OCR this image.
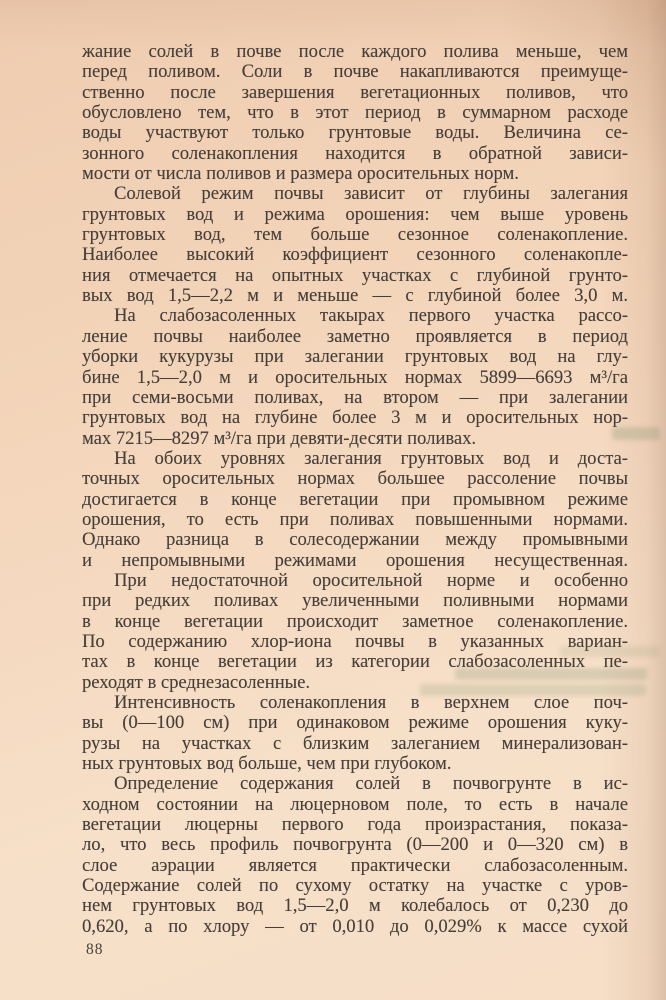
жание солей в почве после каждого полива меньше, чем
перед поливом. Соли в почве накапливаются преимуще-
ственно после завершения вегетационных поливов, что
обусловлено тем, что в этот период в суммарном расходе
воды участвуют только грунтовые воды. Величина се-
зонного соленакопления находится в обратной зависи-
мости от числа поливов и размера оросительных норм.
Солевой режим почвы зависит от глубины залегания
грунтовых вод и режима орошения: чем выше уровень
грунтовых вод, тем больше сезонное соленакопление.
Наиболее высокий коэффициент сезонного соленакопле-
ния отмечается на опытных участках с глубиной грунто-
вых вод 1,5—2,2 м и меньше — с глубиной более 3,0 м.
На слабозасоленных такырах первого участка рассо-
ление почвы наиболее заметно проявляется в период
уборки кукурузы при залегании грунтовых вод на глу-
бине 1,5—2,0 м и оросительных нормах 5899—6693 м³/га
при семи-восьми поливах, на втором — при залегании
грунтовых вод на глубине более 3 м и оросительных нор-
мах 7215—8297 м³/га при девяти-десяти поливах.
На обоих уровнях залегания грунтовых вод и доста-
точных оросительных нормах большее рассоление почвы
достигается в конце вегетации при промывном режиме
орошения, то есть при поливах повышенными нормами.
Однако разница в солесодержании между промывными
и непромывными режимами орошения несущественная.
При недостаточной оросительной норме и особенно
при редких поливах увеличенными поливными нормами
в конце вегетации происходит заметное соленакопление.
По содержанию хлор-иона почвы в указанных вариан-
тах в конце вегетации из категории слабозасоленных пе-
реходят в среднезасоленные.
Интенсивность соленакопления в верхнем слое поч-
вы (0—100 см) при одинаковом режиме орошения куку-
рузы на участках с близким залеганием минерализован-
ных грунтовых вод больше, чем при глубоком.
Определение содержания солей в почвогрунте в ис-
ходном состоянии на люцерновом поле, то есть в начале
вегетации люцерны первого года произрастания, показа-
ло, что весь профиль почвогрунта (0—200 и 0—320 см) в
слое аэрации является практически слабозасоленным.
Содержание солей по сухому остатку на участке с уров-
нем грунтовых вод 1,5—2,0 м колебалось от 0,230 до
0,620, а по хлору — от 0,010 до 0,029% к массе сухой
88
